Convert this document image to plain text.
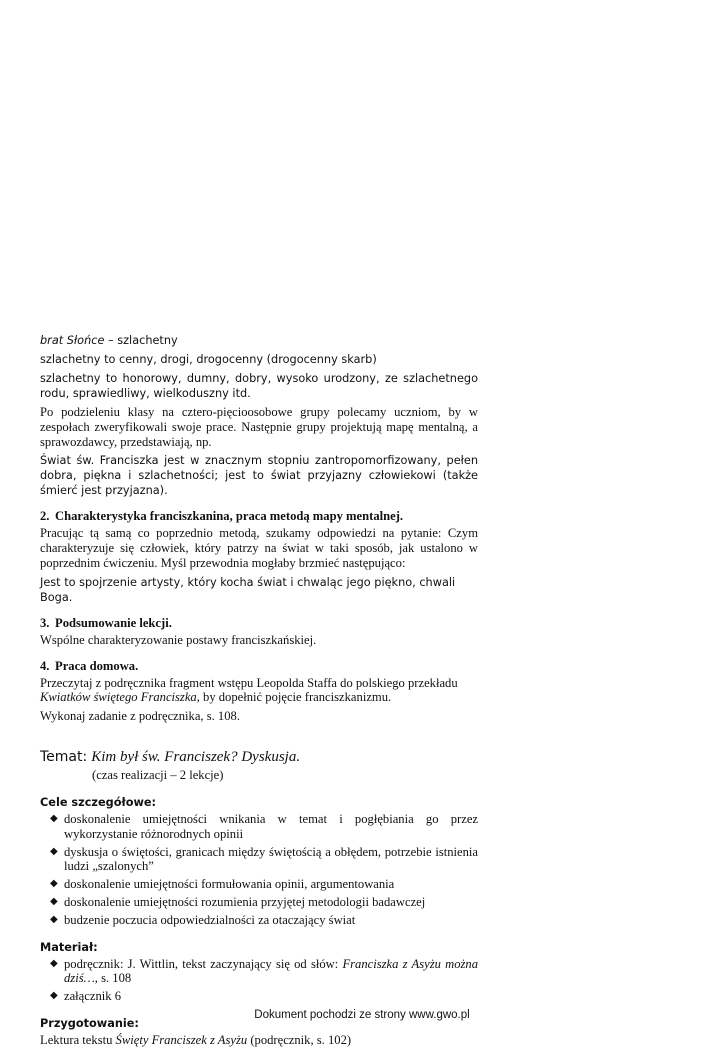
brat Słońce – szlachetny

szlachetny to cenny, drogi, drogocenny (drogocenny skarb)

szlachetny to honorowy, dumny, dobry, wysoko urodzony, ze szlachetnego rodu, sprawiedliwy, wielkoduszny itd.

Po podzieleniu klasy na cztero-pięcioosobowe grupy polecamy uczniom, by w zespołach zweryfikowali swoje prace. Następnie grupy projektują mapę mentalną, a sprawozdawcy, przedstawiają, np.

Świat św. Franciszka jest w znacznym stopniu zantropomorfizowany, pełen dobra, piękna i szlachetności; jest to świat przyjazny człowiekowi (także śmierć jest przyjazna).

2. Charakterystyka franciszkanina, praca metodą mapy mentalnej.

Pracując tą samą co poprzednio metodą, szukamy odpowiedzi na pytanie: Czym charakteryzuje się człowiek, który patrzy na świat w taki sposób, jak ustalono w poprzednim ćwiczeniu. Myśl przewodnia mogłaby brzmieć następująco:

Jest to spojrzenie artysty, który kocha świat i chwaląc jego piękno, chwali Boga.

3. Podsumowanie lekcji.

Wspólne charakteryzowanie postawy franciszkańskiej.

4. Praca domowa.

Przeczytaj z podręcznika fragment wstępu Leopolda Staffa do polskiego przekładu Kwiatków świętego Franciszka, by dopełnić pojęcie franciszkanizmu.

Wykonaj zadanie z podręcznika, s. 108.

Temat: Kim był św. Franciszek? Dyskusja.
(czas realizacji – 2 lekcje)
Cele szczegółowe:
◆ doskonalenie umiejętności wnikania w temat i pogłębiania go przez wykorzystanie różnorodnych opinii
◆ dyskusja o świętości, granicach między świętością a obłędem, potrzebie istnienia ludzi „szalonych”
◆ doskonalenie umiejętności formułowania opinii, argumentowania
◆ doskonalenie umiejętności rozumienia przyjętej metodologii badawczej
◆ budzenie poczucia odpowiedzialności za otaczający świat
Materiał:
◆ podręcznik: J. Wittlin, tekst zaczynający się od słów: Franciszka z Asyżu można dziś…, s. 108
◆ załącznik 6
Przygotowanie:

Lektura tekstu Święty Franciszek z Asyżu (podręcznik, s. 102)

Dokument pochodzi ze strony www.gwo.pl
